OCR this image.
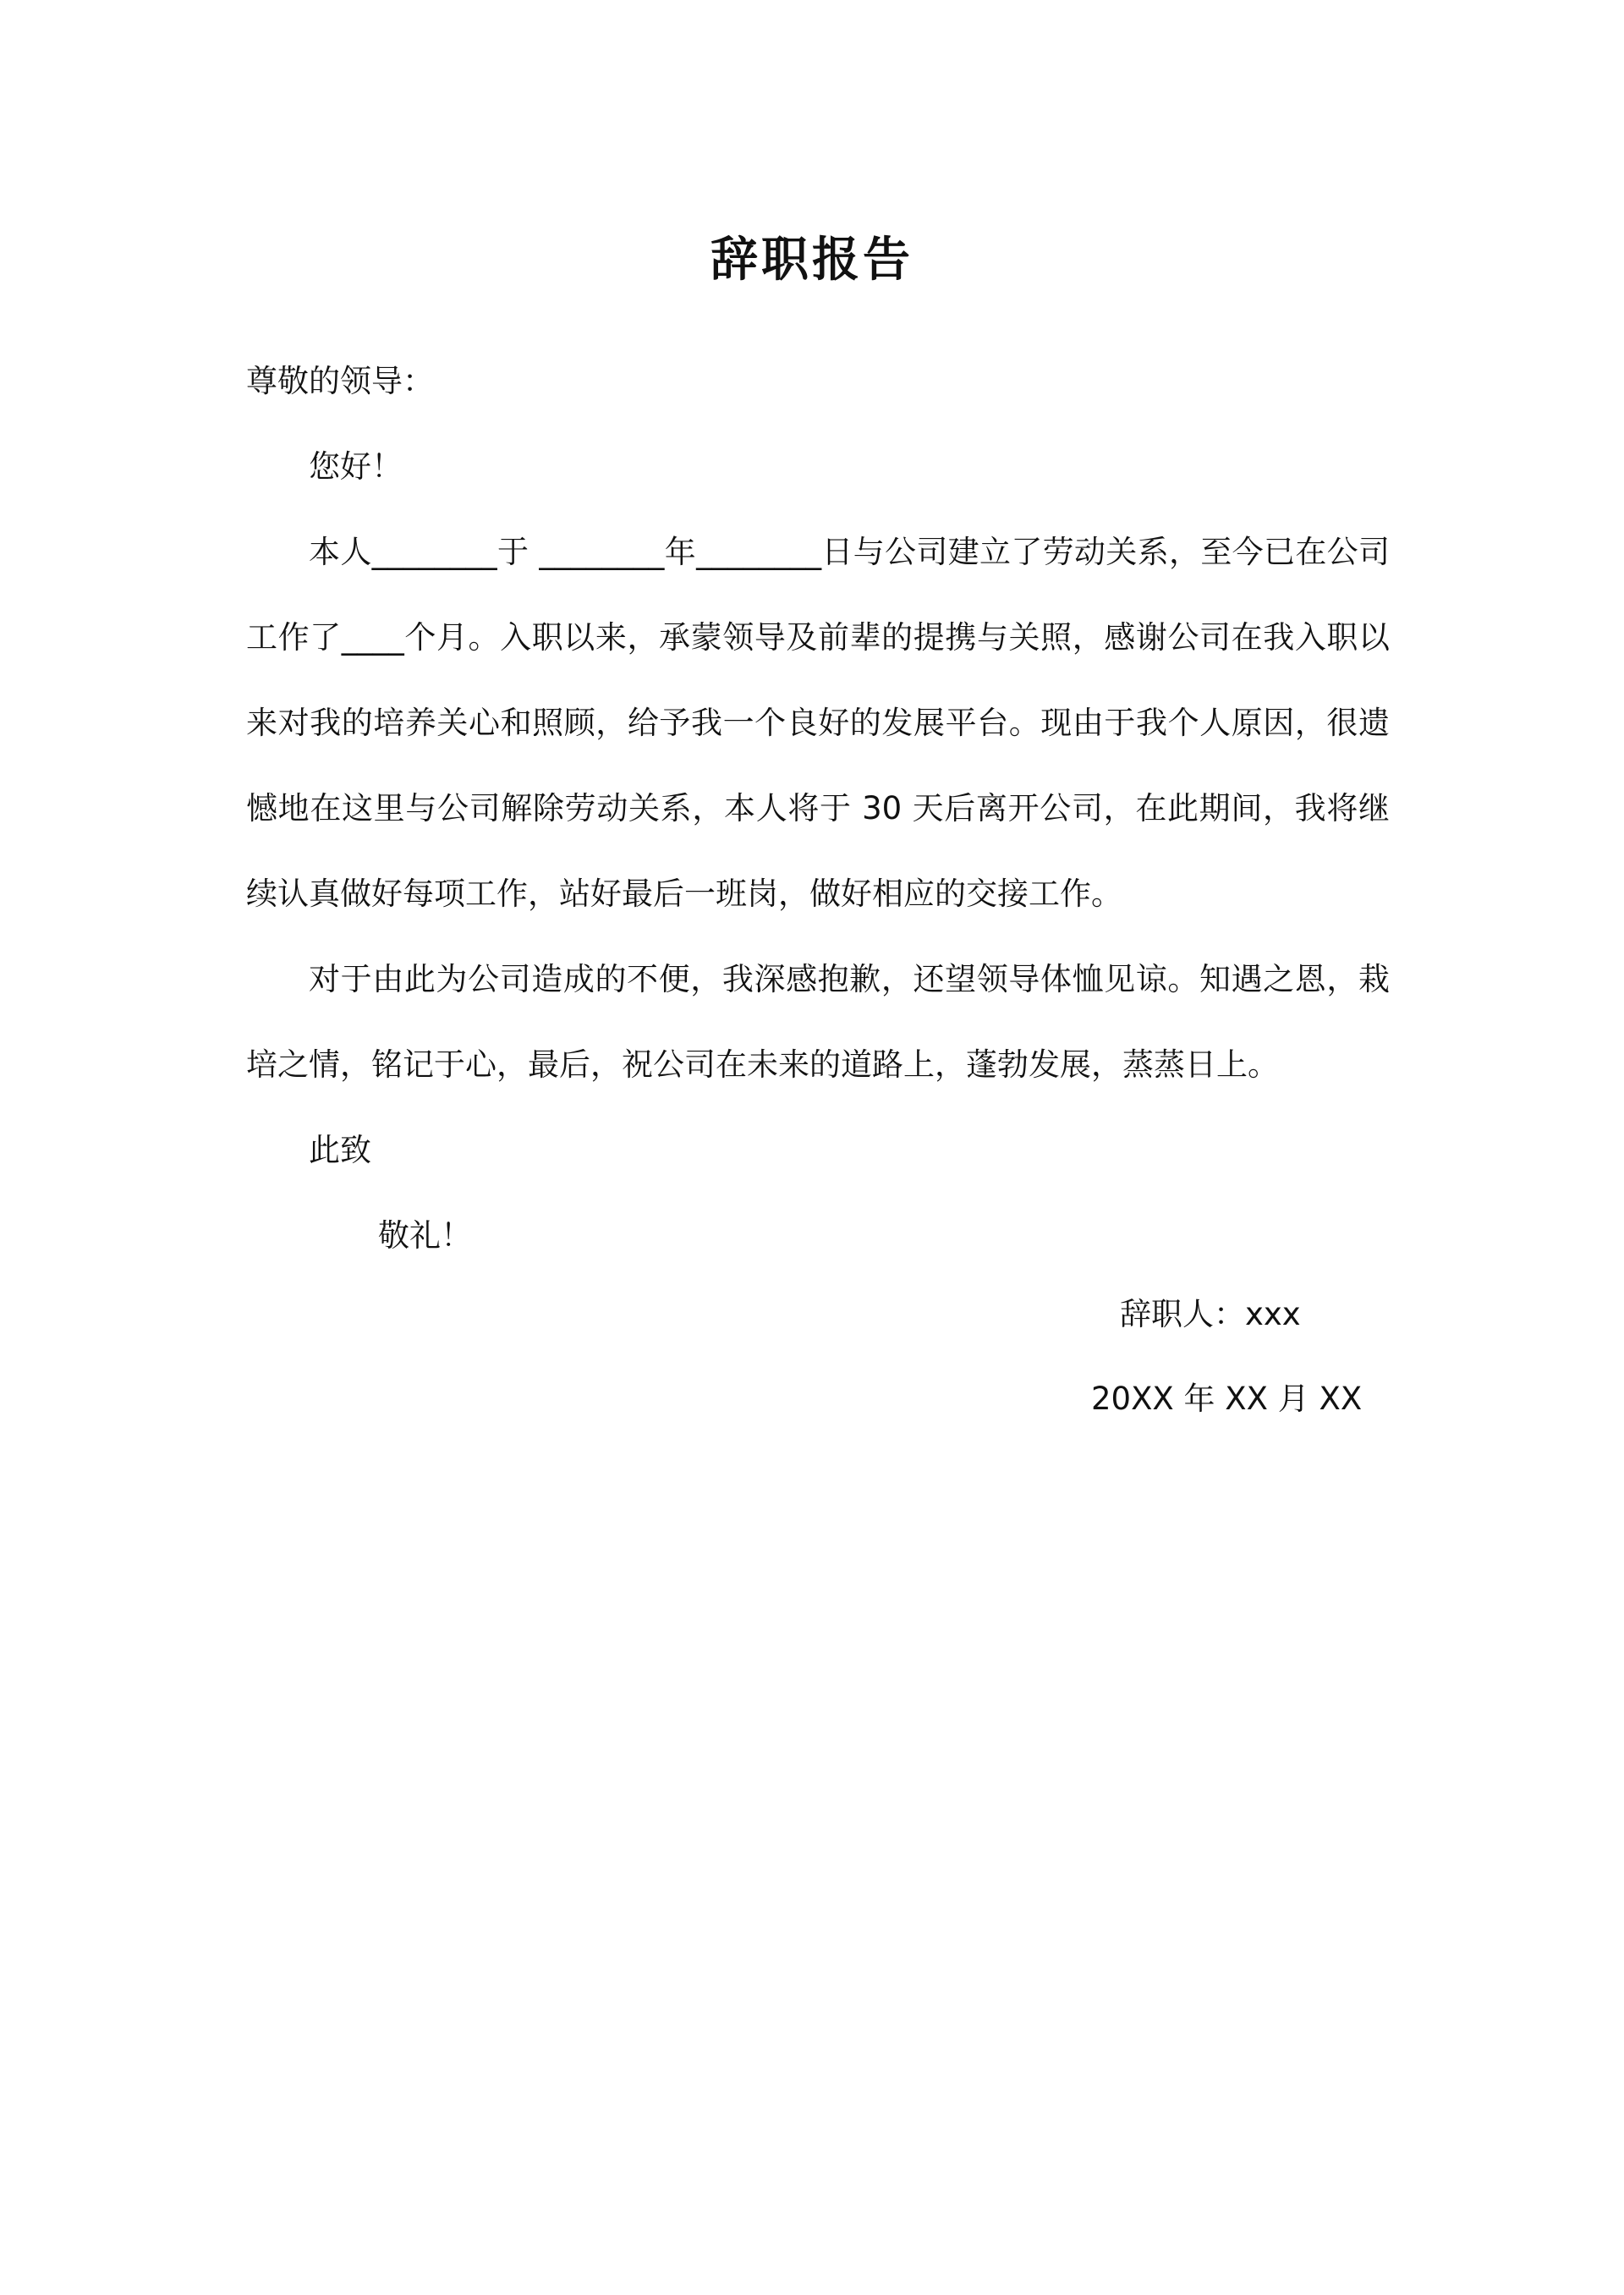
辞职报告

尊敬的领导：

您好！

本人________于 ________年________日与公司建立了劳动关系，至今已在公司工作了____个月。入职以来，承蒙领导及前辈的提携与关照，感谢公司在我入职以来对我的培养关心和照顾，给予我一个良好的发展平台。现由于我个人原因，很遗憾地在这里与公司解除劳动关系，本人将于 30 天后离开公司，在此期间，我将继续认真做好每项工作，站好最后一班岗，做好相应的交接工作。

对于由此为公司造成的不便，我深感抱歉，还望领导体恤见谅。知遇之恩，栽培之情，铭记于心，最后，祝公司在未来的道路上，蓬勃发展，蒸蒸日上。

此致

敬礼！

辞职人：xxx
20XX 年 XX 月 XX
